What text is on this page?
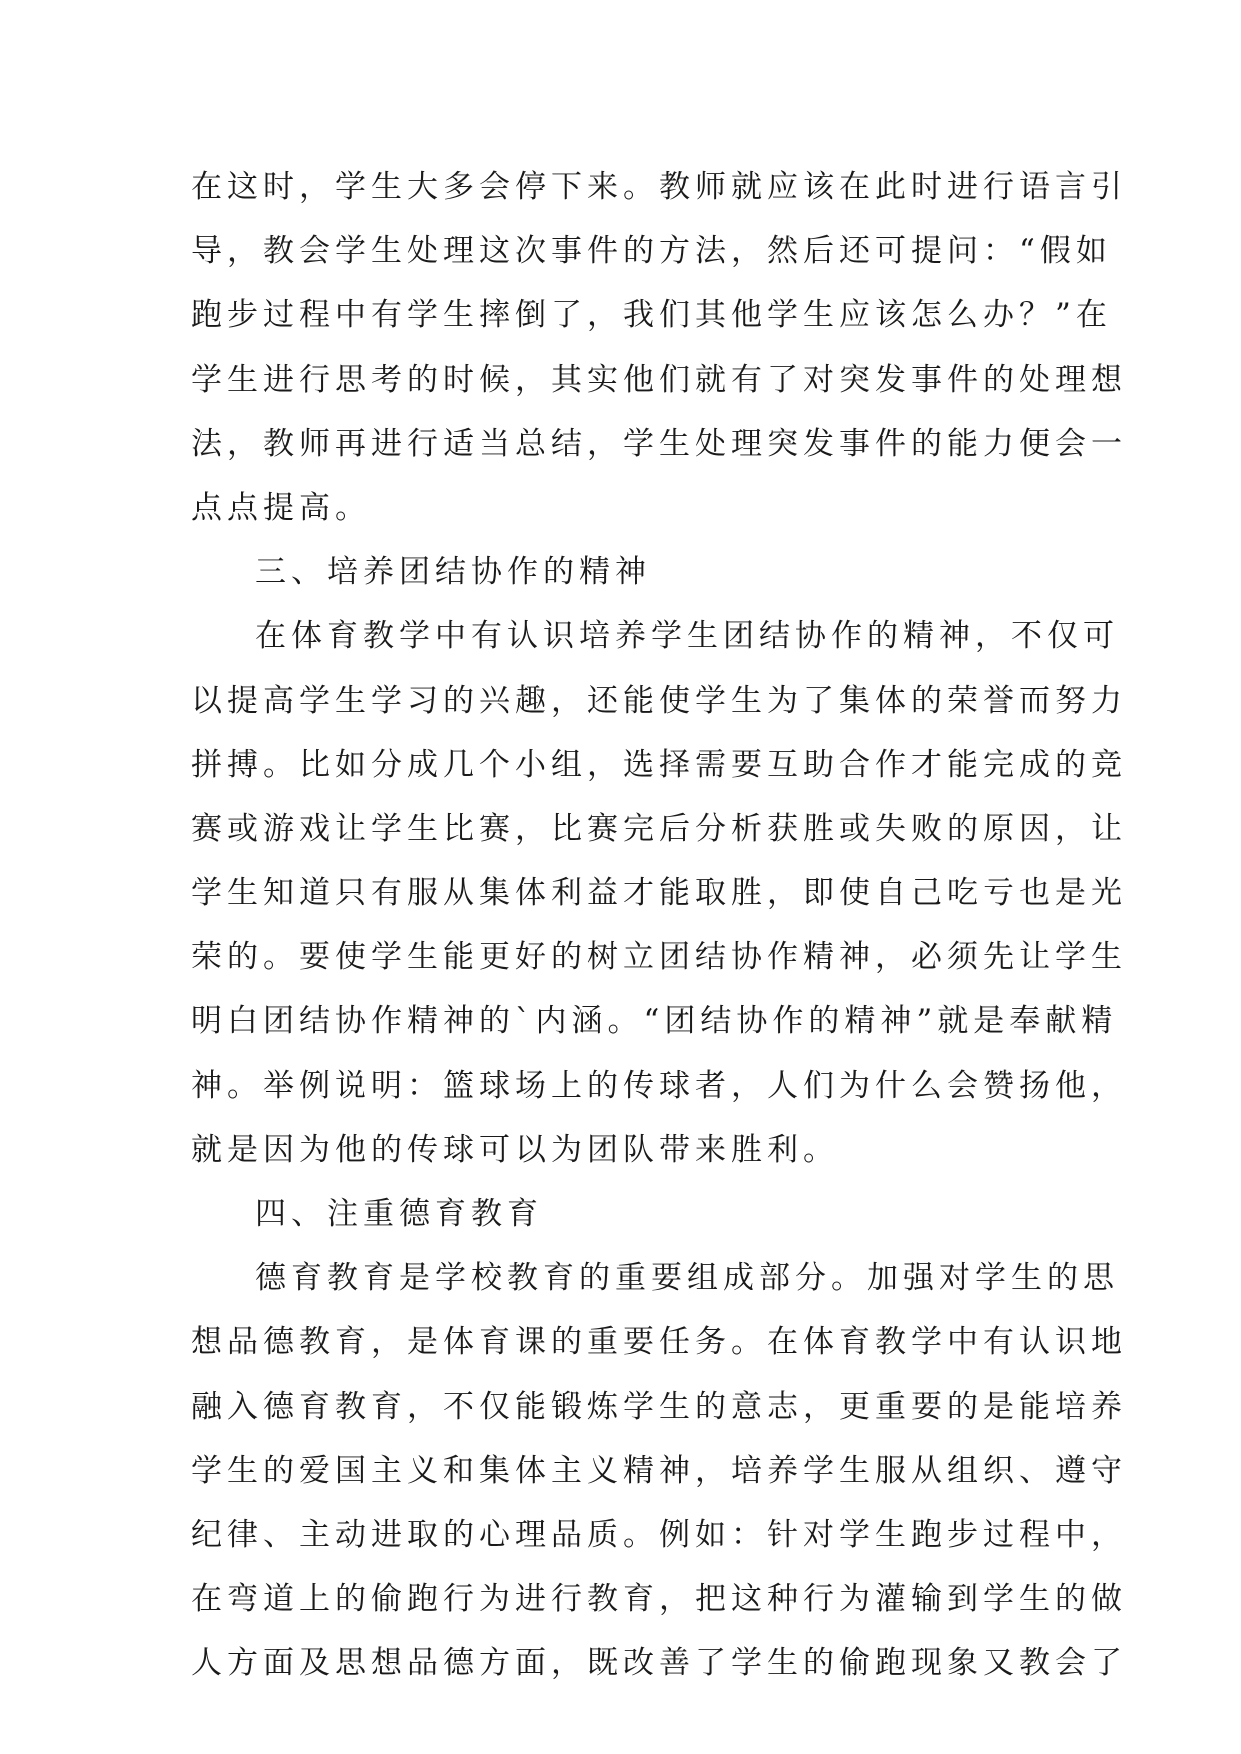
在这时，学生大多会停下来。教师就应该在此时进行语言引
导，教会学生处理这次事件的方法，然后还可提问：“假如
跑步过程中有学生摔倒了，我们其他学生应该怎么办？”在
学生进行思考的时候，其实他们就有了对突发事件的处理想
法，教师再进行适当总结，学生处理突发事件的能力便会一
点点提高。
三、培养团结协作的精神
在体育教学中有认识培养学生团结协作的精神，不仅可
以提高学生学习的兴趣，还能使学生为了集体的荣誉而努力
拼搏。比如分成几个小组，选择需要互助合作才能完成的竞
赛或游戏让学生比赛，比赛完后分析获胜或失败的原因，让
学生知道只有服从集体利益才能取胜，即使自己吃亏也是光
荣的。要使学生能更好的树立团结协作精神，必须先让学生
明白团结协作精神的`内涵。“团结协作的精神”就是奉献精
神。举例说明：篮球场上的传球者，人们为什么会赞扬他，
就是因为他的传球可以为团队带来胜利。
四、注重德育教育
德育教育是学校教育的重要组成部分。加强对学生的思
想品德教育，是体育课的重要任务。在体育教学中有认识地
融入德育教育，不仅能锻炼学生的意志，更重要的是能培养
学生的爱国主义和集体主义精神，培养学生服从组织、遵守
纪律、主动进取的心理品质。例如：针对学生跑步过程中，
在弯道上的偷跑行为进行教育，把这种行为灌输到学生的做
人方面及思想品德方面，既改善了学生的偷跑现象又教会了
